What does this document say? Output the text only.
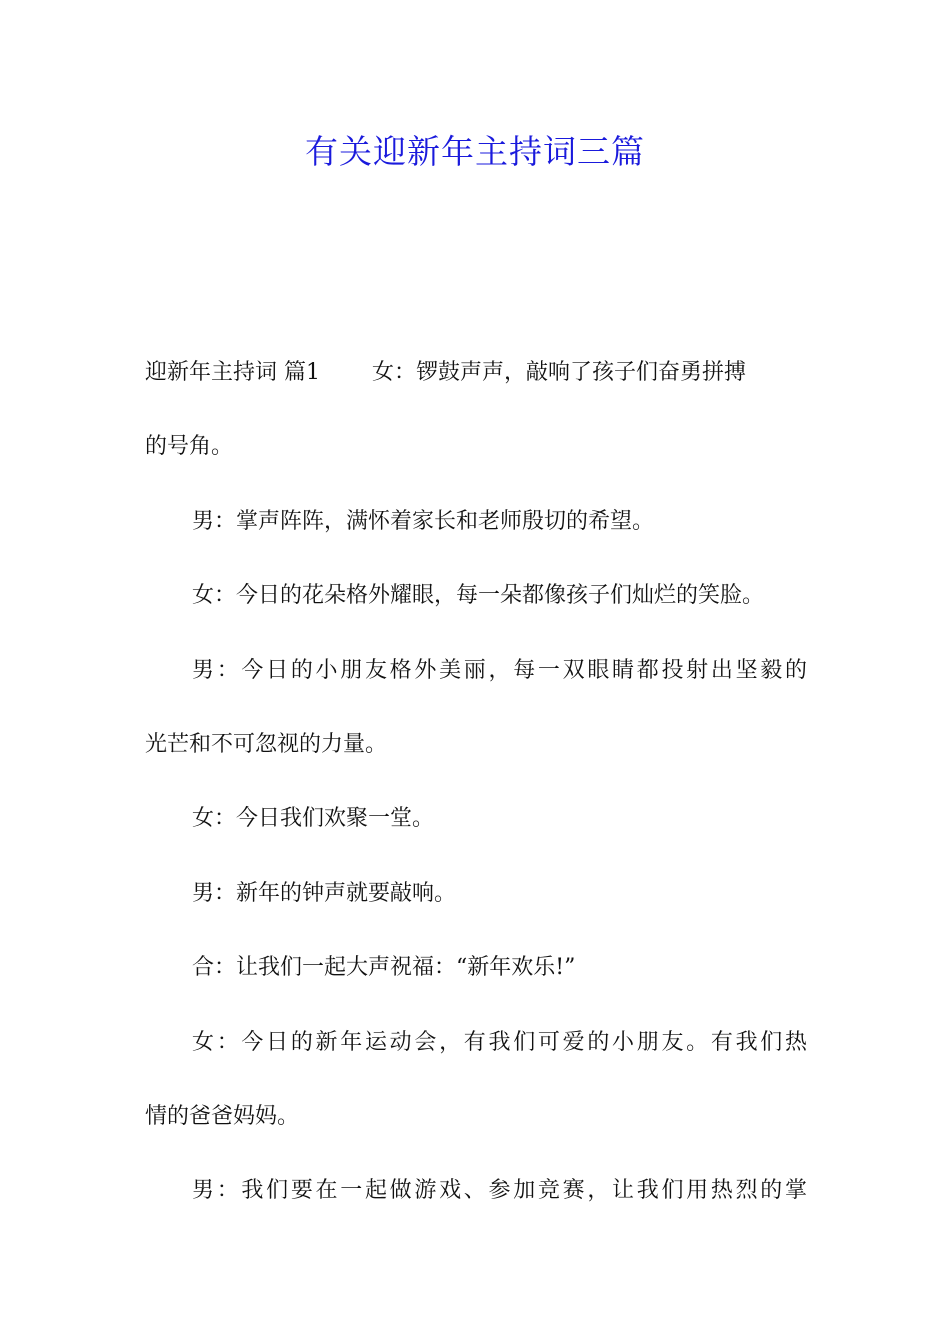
有关迎新年主持词三篇
迎新年主持词 篇1 女：锣鼓声声，敲响了孩子们奋勇拼搏
的号角。
男：掌声阵阵，满怀着家长和老师殷切的希望。
女：今日的花朵格外耀眼，每一朵都像孩子们灿烂的笑脸。
男：今日的小朋友格外美丽，每一双眼睛都投射出坚毅的
光芒和不可忽视的力量。
女：今日我们欢聚一堂。
男：新年的钟声就要敲响。
合：让我们一起大声祝福：“新年欢乐!”
女：今日的新年运动会，有我们可爱的小朋友。有我们热
情的爸爸妈妈。
男：我们要在一起做游戏、参加竞赛，让我们用热烈的掌
